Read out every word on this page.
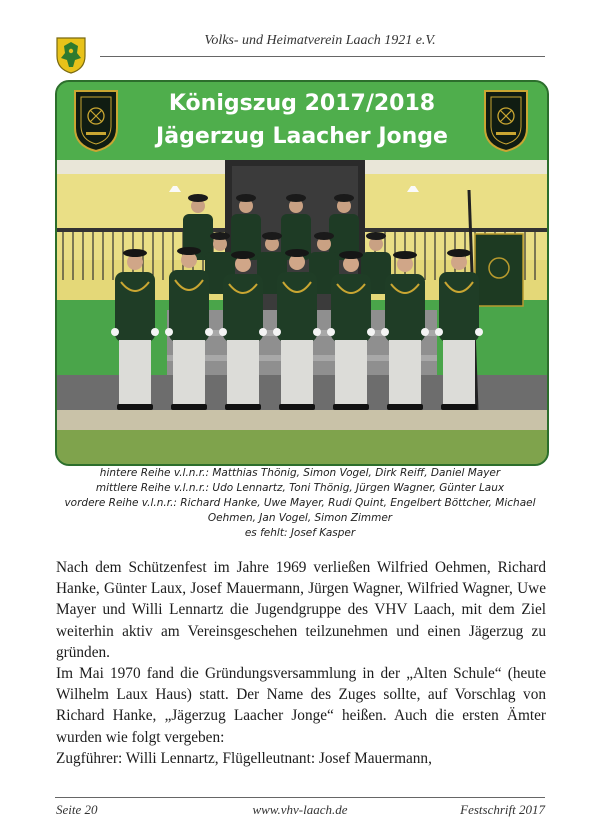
Volks- und Heimatverein Laach 1921 e.V.
Königszug 2017/2018
Jägerzug Laacher Jonge
hintere Reihe v.l.n.r.: Matthias Thönig, Simon Vogel, Dirk Reiff, Daniel Mayer
mittlere Reihe v.l.n.r.: Udo Lennartz, Toni Thönig, Jürgen Wagner, Günter Laux
vordere Reihe v.l.n.r.: Richard Hanke, Uwe Mayer, Rudi Quint, Engelbert Böttcher, Michael
Oehmen, Jan Vogel, Simon Zimmer
es fehlt: Josef Kasper

Nach dem Schützenfest im Jahre 1969 verließen Wilfried Oehmen, Richard Hanke, Günter Laux, Josef Mauermann, Jürgen Wagner, Wilfried Wagner, Uwe Mayer und Willi Lennartz die Jugendgruppe des VHV Laach, mit dem Ziel weiterhin aktiv am Vereinsgeschehen teilzunehmen und einen Jägerzug zu gründen.

Im Mai 1970 fand die Gründungsversammlung in der „Alten Schule“ (heute Wilhelm Laux Haus) statt. Der Name des Zuges sollte, auf Vorschlag von Richard Hanke, „Jägerzug Laacher Jonge“ heißen. Auch die ersten Ämter wurden wie folgt vergeben:

Zugführer: Willi Lennartz, Flügelleutnant: Josef Mauermann,

Seite 20	www.vhv-laach.de	Festschrift 2017
